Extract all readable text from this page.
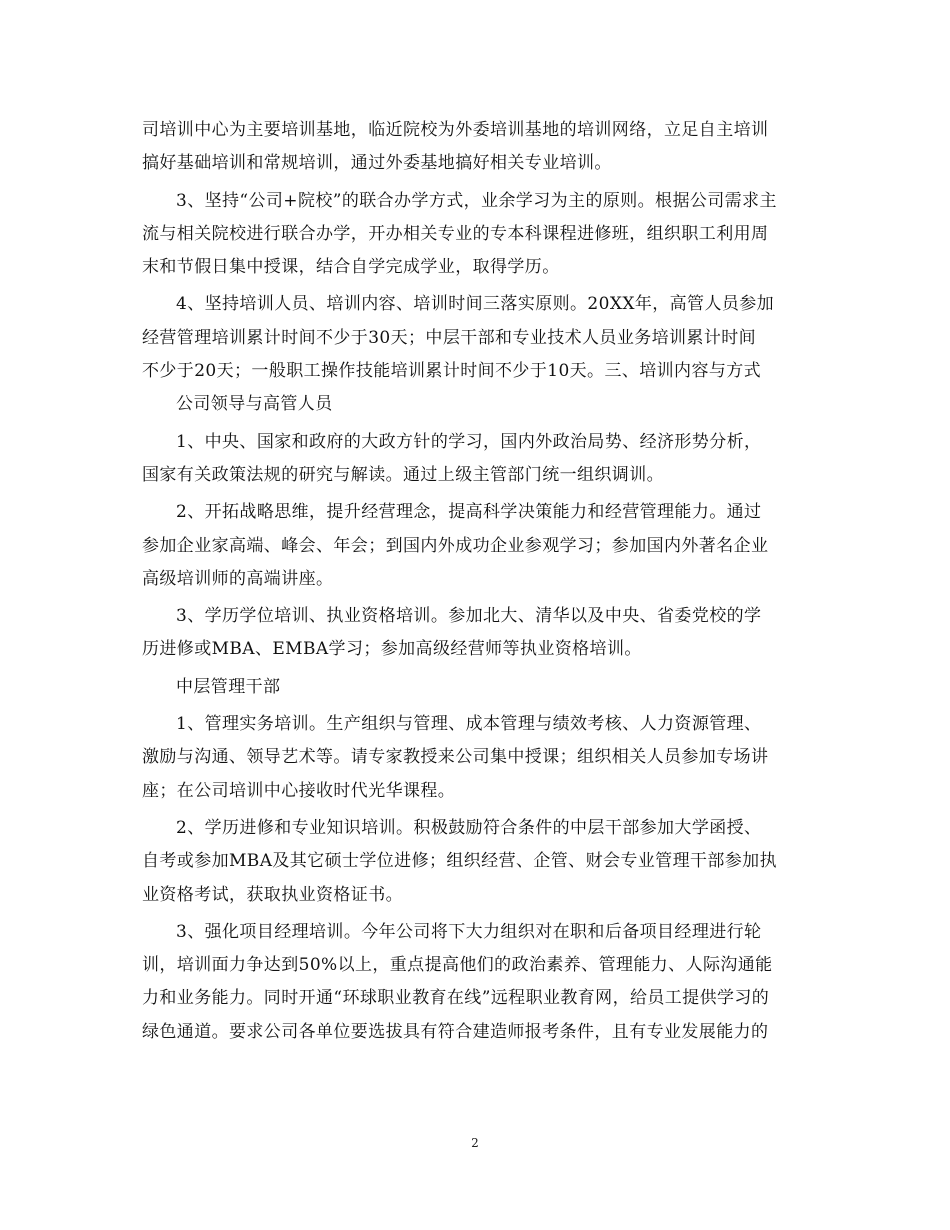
司培训中心为主要培训基地，临近院校为外委培训基地的培训网络，立足自主培训
搞好基础培训和常规培训，通过外委基地搞好相关专业培训。

3、坚持“公司+院校”的联合办学方式，业余学习为主的原则。根据公司需求主
流与相关院校进行联合办学，开办相关专业的专本科课程进修班，组织职工利用周
末和节假日集中授课，结合自学完成学业，取得学历。

4、坚持培训人员、培训内容、培训时间三落实原则。20XX年，高管人员参加
经营管理培训累计时间不少于30天；中层干部和专业技术人员业务培训累计时间
不少于20天；一般职工操作技能培训累计时间不少于10天。三、培训内容与方式

公司领导与高管人员

1、中央、国家和政府的大政方针的学习，国内外政治局势、经济形势分析，
国家有关政策法规的研究与解读。通过上级主管部门统一组织调训。

2、开拓战略思维，提升经营理念，提高科学决策能力和经营管理能力。通过
参加企业家高端、峰会、年会；到国内外成功企业参观学习；参加国内外著名企业
高级培训师的高端讲座。

3、学历学位培训、执业资格培训。参加北大、清华以及中央、省委党校的学
历进修或MBA、EMBA学习；参加高级经营师等执业资格培训。

中层管理干部

1、管理实务培训。生产组织与管理、成本管理与绩效考核、人力资源管理、
激励与沟通、领导艺术等。请专家教授来公司集中授课；组织相关人员参加专场讲
座；在公司培训中心接收时代光华课程。

2、学历进修和专业知识培训。积极鼓励符合条件的中层干部参加大学函授、
自考或参加MBA及其它硕士学位进修；组织经营、企管、财会专业管理干部参加执
业资格考试，获取执业资格证书。

3、强化项目经理培训。今年公司将下大力组织对在职和后备项目经理进行轮
训，培训面力争达到50%以上，重点提高他们的政治素养、管理能力、人际沟通能
力和业务能力。同时开通“环球职业教育在线”远程职业教育网，给员工提供学习的
绿色通道。要求公司各单位要选拔具有符合建造师报考条件，且有专业发展能力的

2
